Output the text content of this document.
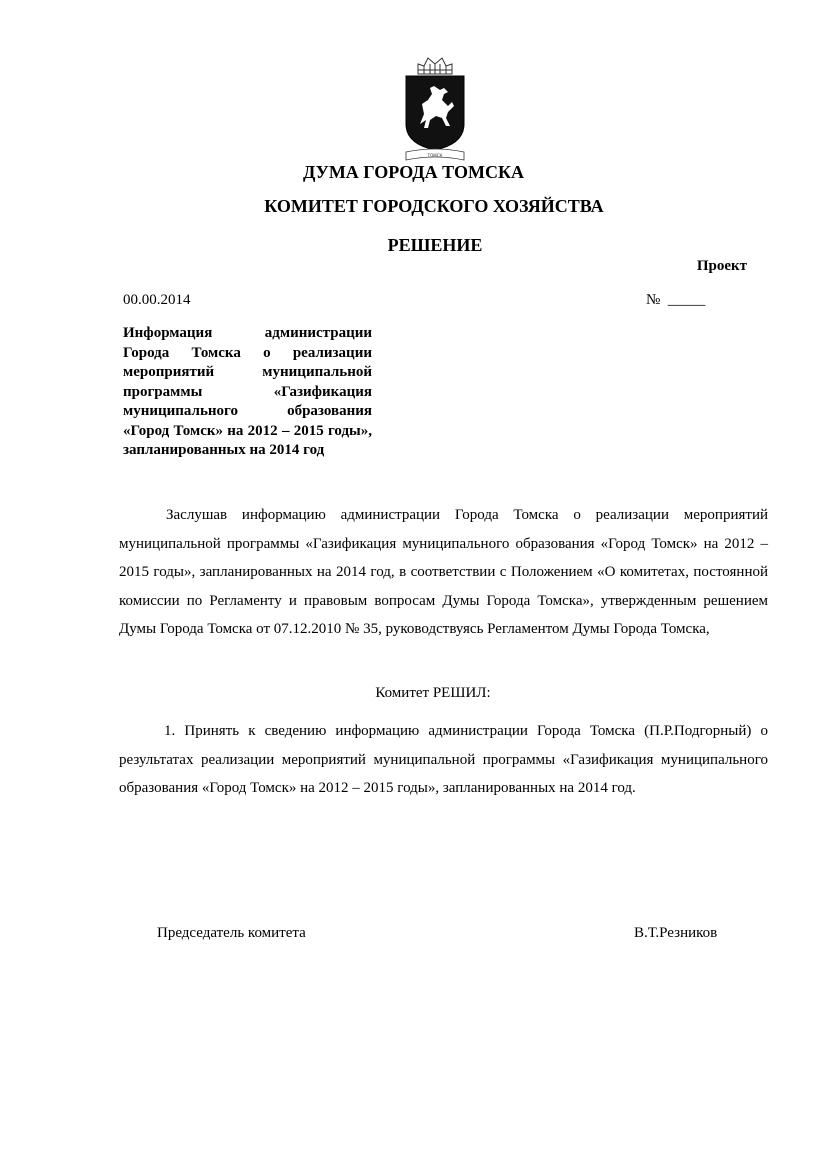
ТОМСК
ДУМА ГОРОДА ТОМСКА
КОМИТЕТ ГОРОДСКОГО ХОЗЯЙСТВА
РЕШЕНИЕ
Проект
00.00.2014	№  _____
Информация администрации Города Томска о реализации мероприятий муниципальной программы «Газификация муниципального образования «Город Томск» на 2012 – 2015 годы», запланированных на 2014 год
Заслушав информацию администрации Города Томска о реализации мероприятий муниципальной программы «Газификация муниципального образования «Город Томск» на 2012 – 2015 годы», запланированных на 2014 год, в соответствии с Положением «О комитетах, постоянной комиссии по Регламенту и правовым вопросам Думы Города Томска», утвержденным решением Думы Города Томска от 07.12.2010 № 35, руководствуясь Регламентом Думы Города Томска,
Комитет РЕШИЛ:
1. Принять к сведению информацию администрации Города Томска (П.Р.Подгорный) о результатах реализации мероприятий муниципальной программы «Газификация муниципального образования «Город Томск» на 2012 – 2015 годы», запланированных на 2014 год.
Председатель комитета	В.Т.Резников
